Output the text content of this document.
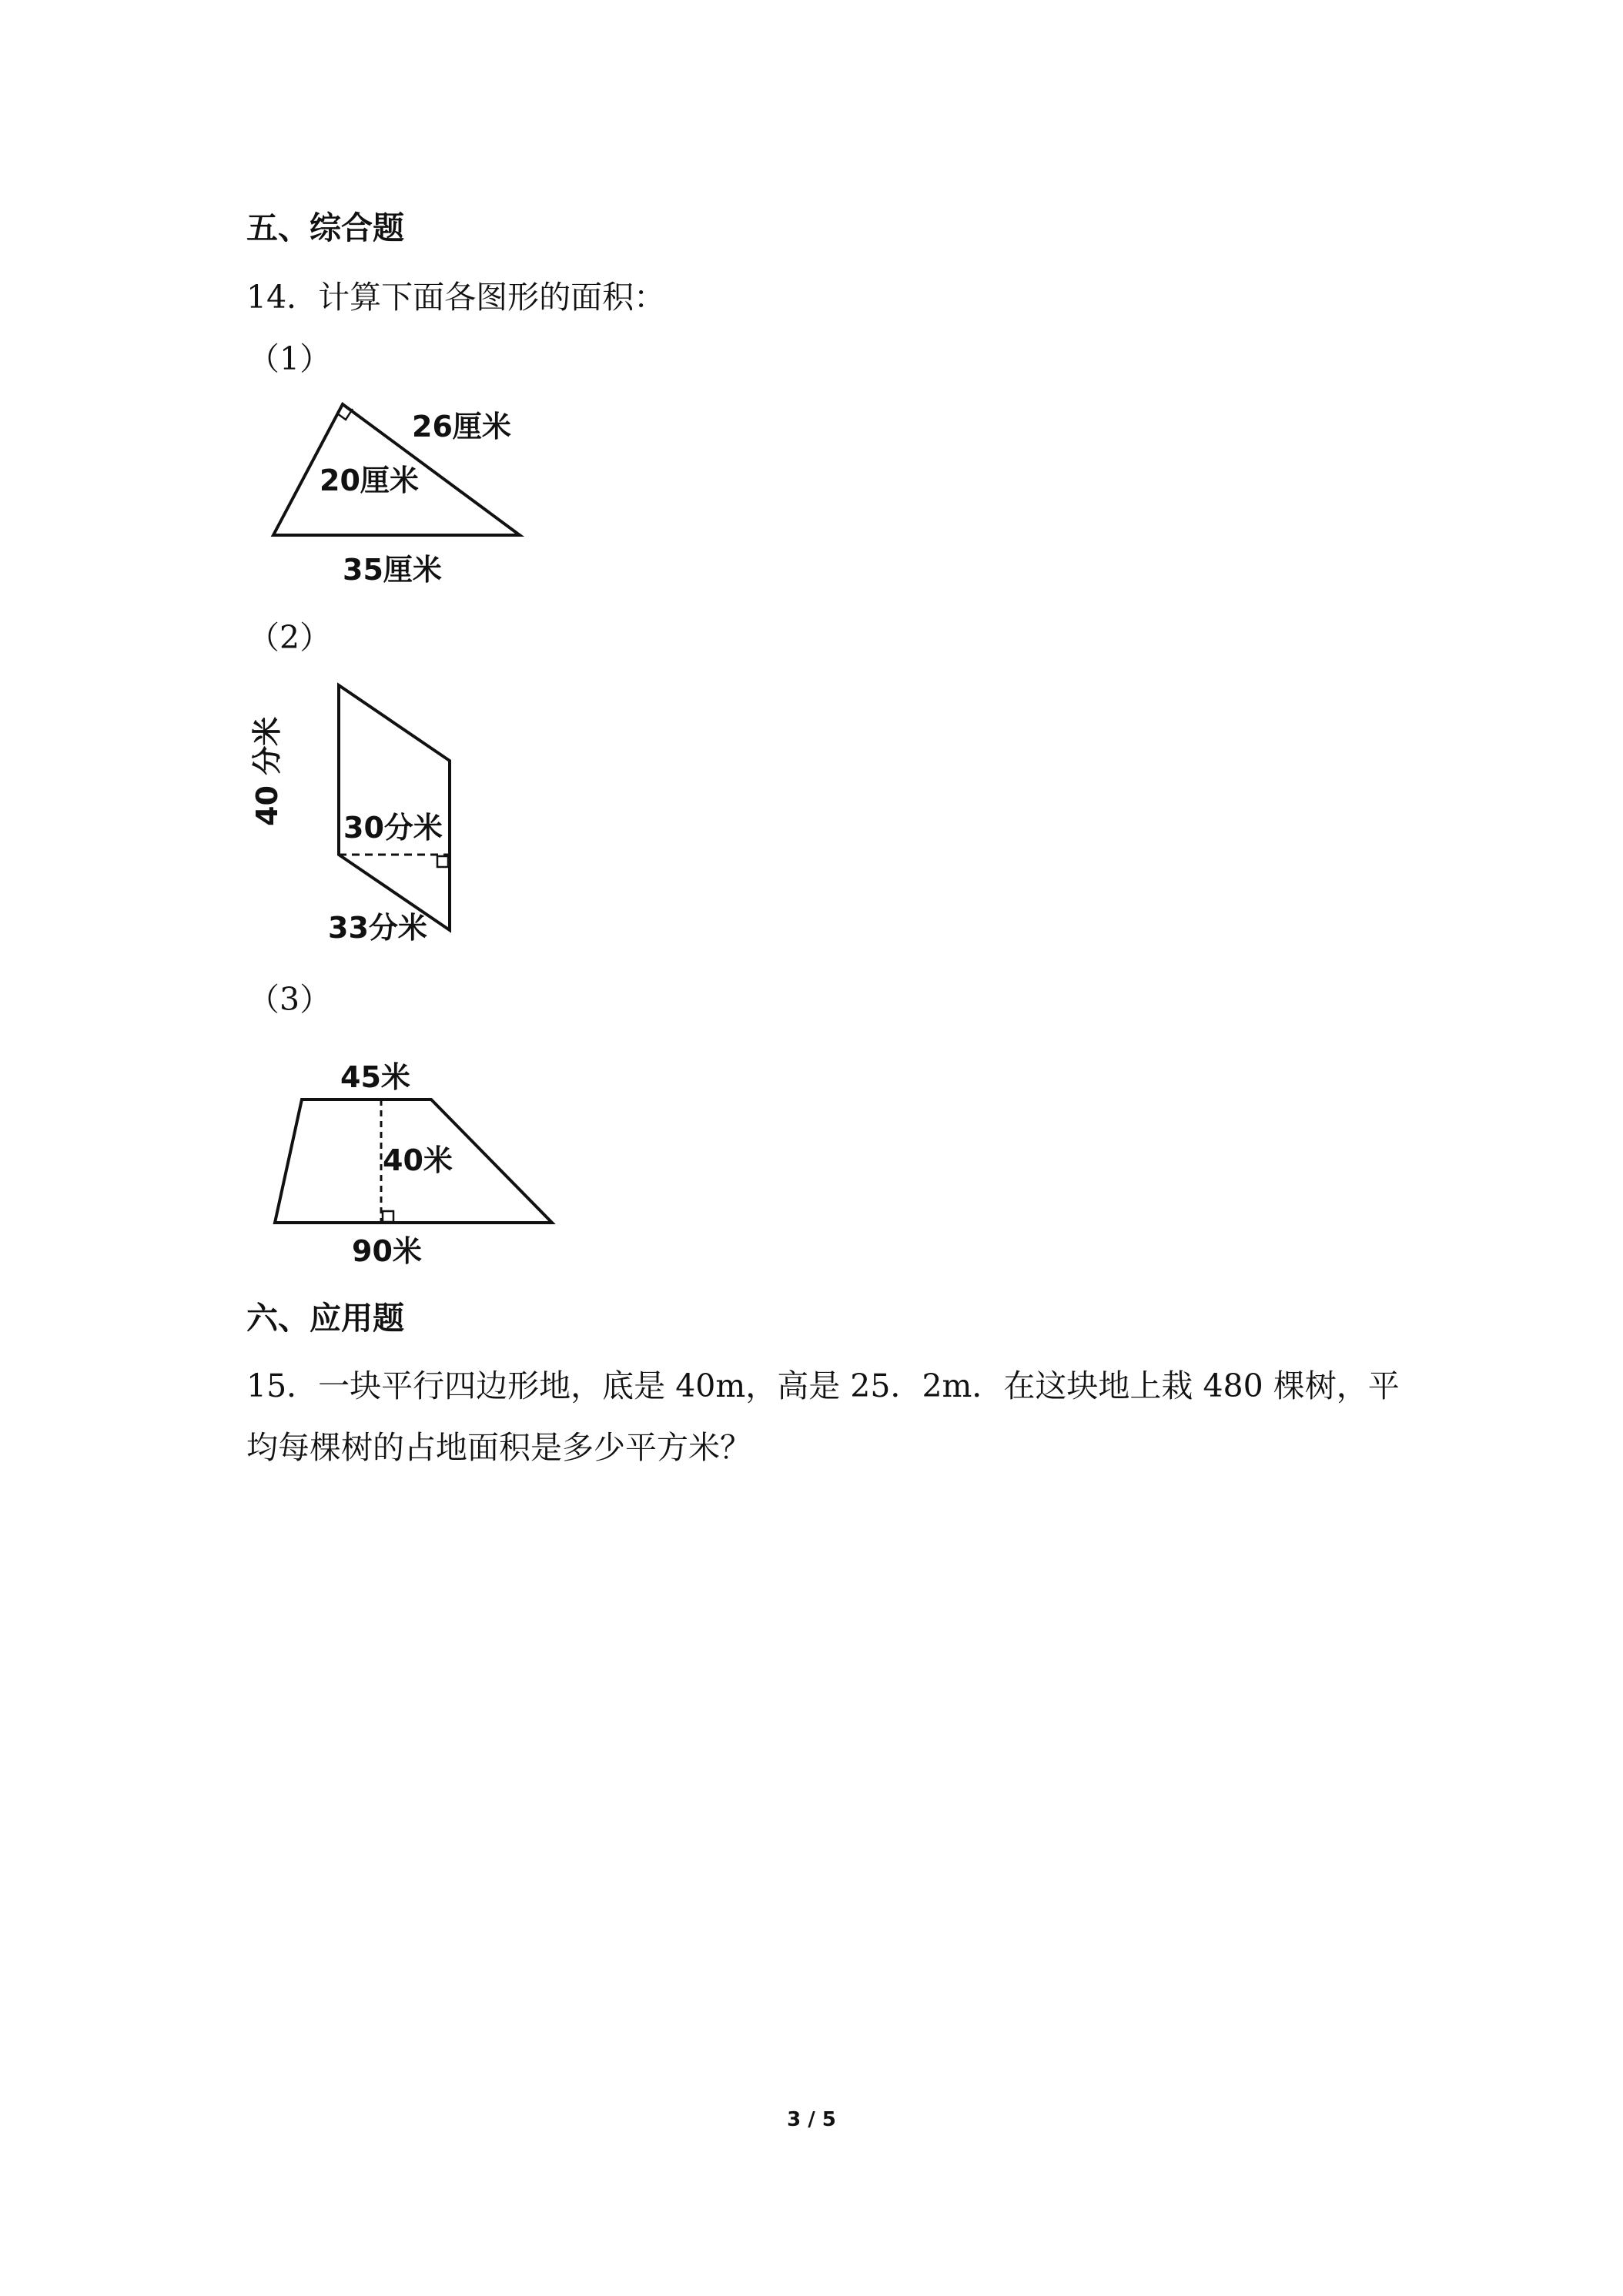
五、综合题
14．计算下面各图形的面积：
（1）
26厘米
20厘米
35厘米
（2）
40 分米
30分米
33分米
（3）
45米
40米
90米
六、应用题
15．一块平行四边形地，底是 40m，高是 25．2m．在这块地上栽 480 棵树，平
均每棵树的占地面积是多少平方米？
3 / 5
